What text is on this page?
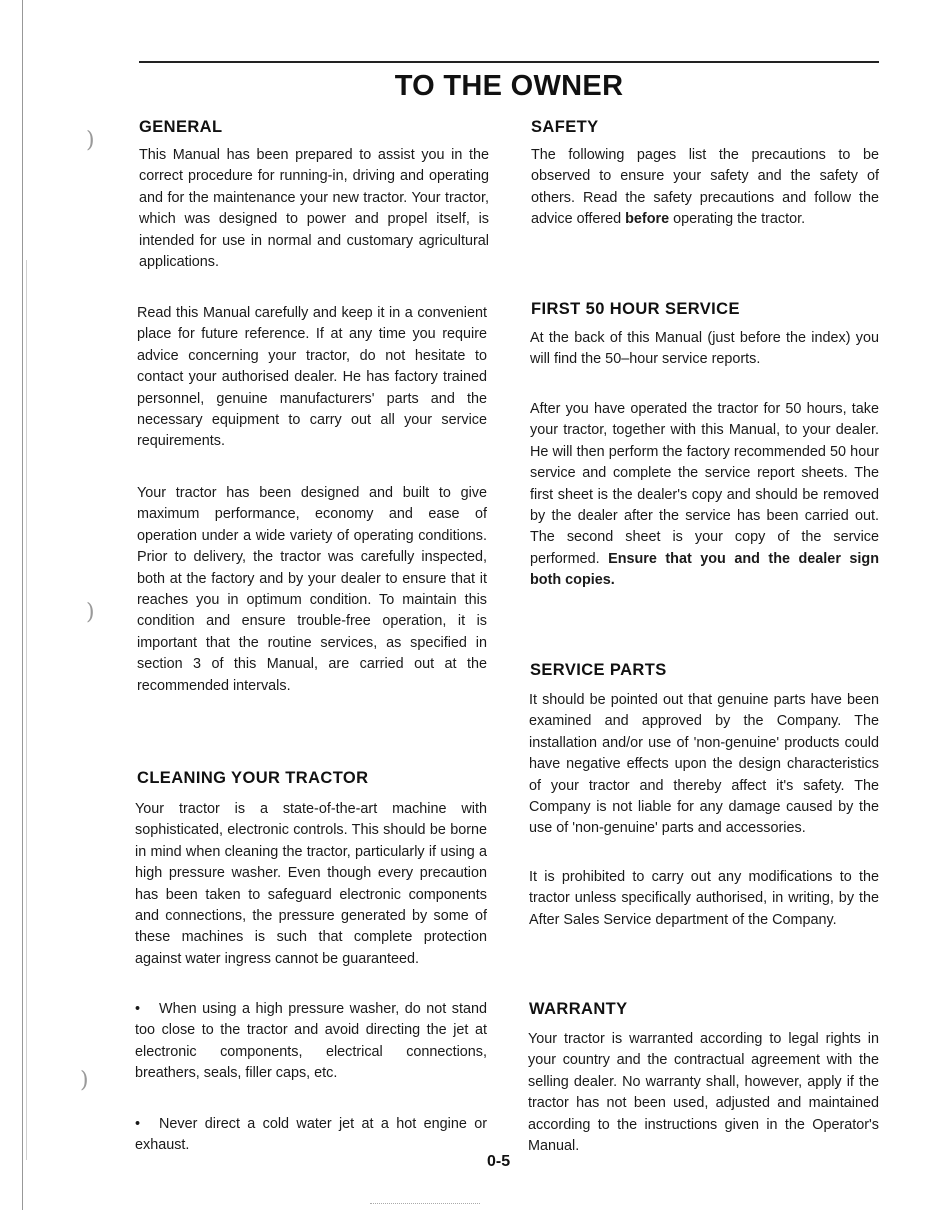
)
)
)
TO THE OWNER
GENERAL
This Manual has been prepared to assist you in the correct procedure for running-in, driving and operating and for the maintenance your new tractor. Your tractor, which was designed to power and propel itself, is intended for use in normal and customary agricultural applications.
Read this Manual carefully and keep it in a convenient place for future reference. If at any time you require advice concerning your tractor, do not hesitate to contact your authorised dealer. He has factory trained personnel, genuine manufacturers' parts and the necessary equipment to carry out all your service requirements.
Your tractor has been designed and built to give maximum performance, economy and ease of operation under a wide variety of operating conditions. Prior to delivery, the tractor was carefully inspected, both at the factory and by your dealer to ensure that it reaches you in optimum condition. To maintain this condition and ensure trouble-free operation, it is important that the routine services, as specified in section 3 of this Manual, are carried out at the recommended intervals.
CLEANING YOUR TRACTOR
Your tractor is a state-of-the-art machine with sophisticated, electronic controls. This should be borne in mind when cleaning the tractor, particularly if using a high pressure washer. Even though every precaution has been taken to safeguard electronic components and connections, the pressure generated by some of these machines is such that complete protection against water ingress cannot be guaranteed.
• When using a high pressure washer, do not stand too close to the tractor and avoid directing the jet at electronic components, electrical connections, breathers, seals, filler caps, etc.
• Never direct a cold water jet at a hot engine or exhaust.
SAFETY
The following pages list the precautions to be observed to ensure your safety and the safety of others. Read the safety precautions and follow the advice offered before operating the tractor.
FIRST 50 HOUR SERVICE
At the back of this Manual (just before the index) you will find the 50–hour service reports.
After you have operated the tractor for 50 hours, take your tractor, together with this Manual, to your dealer. He will then perform the factory recommended 50 hour service and complete the service report sheets. The first sheet is the dealer's copy and should be removed by the dealer after the service has been carried out. The second sheet is your copy of the service performed. Ensure that you and the dealer sign both copies.
SERVICE PARTS
It should be pointed out that genuine parts have been examined and approved by the Company. The installation and/or use of 'non-genuine' products could have negative effects upon the design characteristics of your tractor and thereby affect it's safety. The Company is not liable for any damage caused by the use of 'non-genuine' parts and accessories.
It is prohibited to carry out any modifications to the tractor unless specifically authorised, in writing, by the After Sales Service department of the Company.
WARRANTY
Your tractor is warranted according to legal rights in your country and the contractual agreement with the selling dealer. No warranty shall, however, apply if the tractor has not been used, adjusted and maintained according to the instructions given in the Operator's Manual.
0-5
